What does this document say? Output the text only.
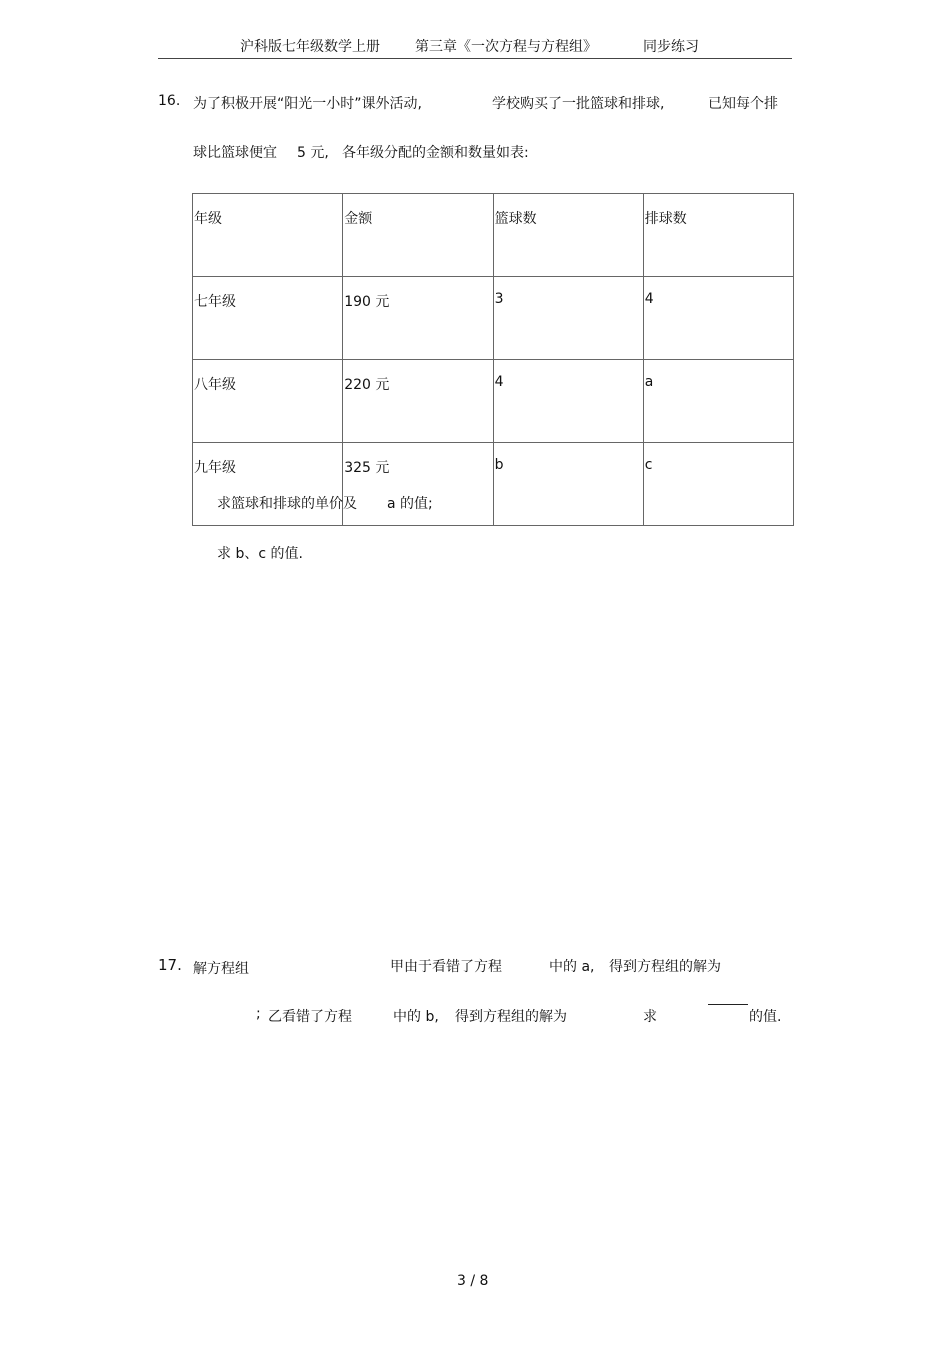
沪科版七年级数学上册	第三章《一次方程与方程组》	同步练习
16. 为了积极开展“阳光一小时”课外活动,	学校购买了一批篮球和排球,	已知每个排
球比篮球便宜 5 元, 各年级分配的金额和数量如表:
年级	金额	篮球数	排球数
七年级	190 元	3	4
八年级	220 元	4	a
九年级	325 元	b	c
求篮球和排球的单价及 a 的值;
求 b、c 的值.
17. 解方程组	甲由于看错了方程	中的 a, 得到方程组的解为
; 乙看错了方程	中的 b, 得到方程组的解为	求	的值.
3 / 8
